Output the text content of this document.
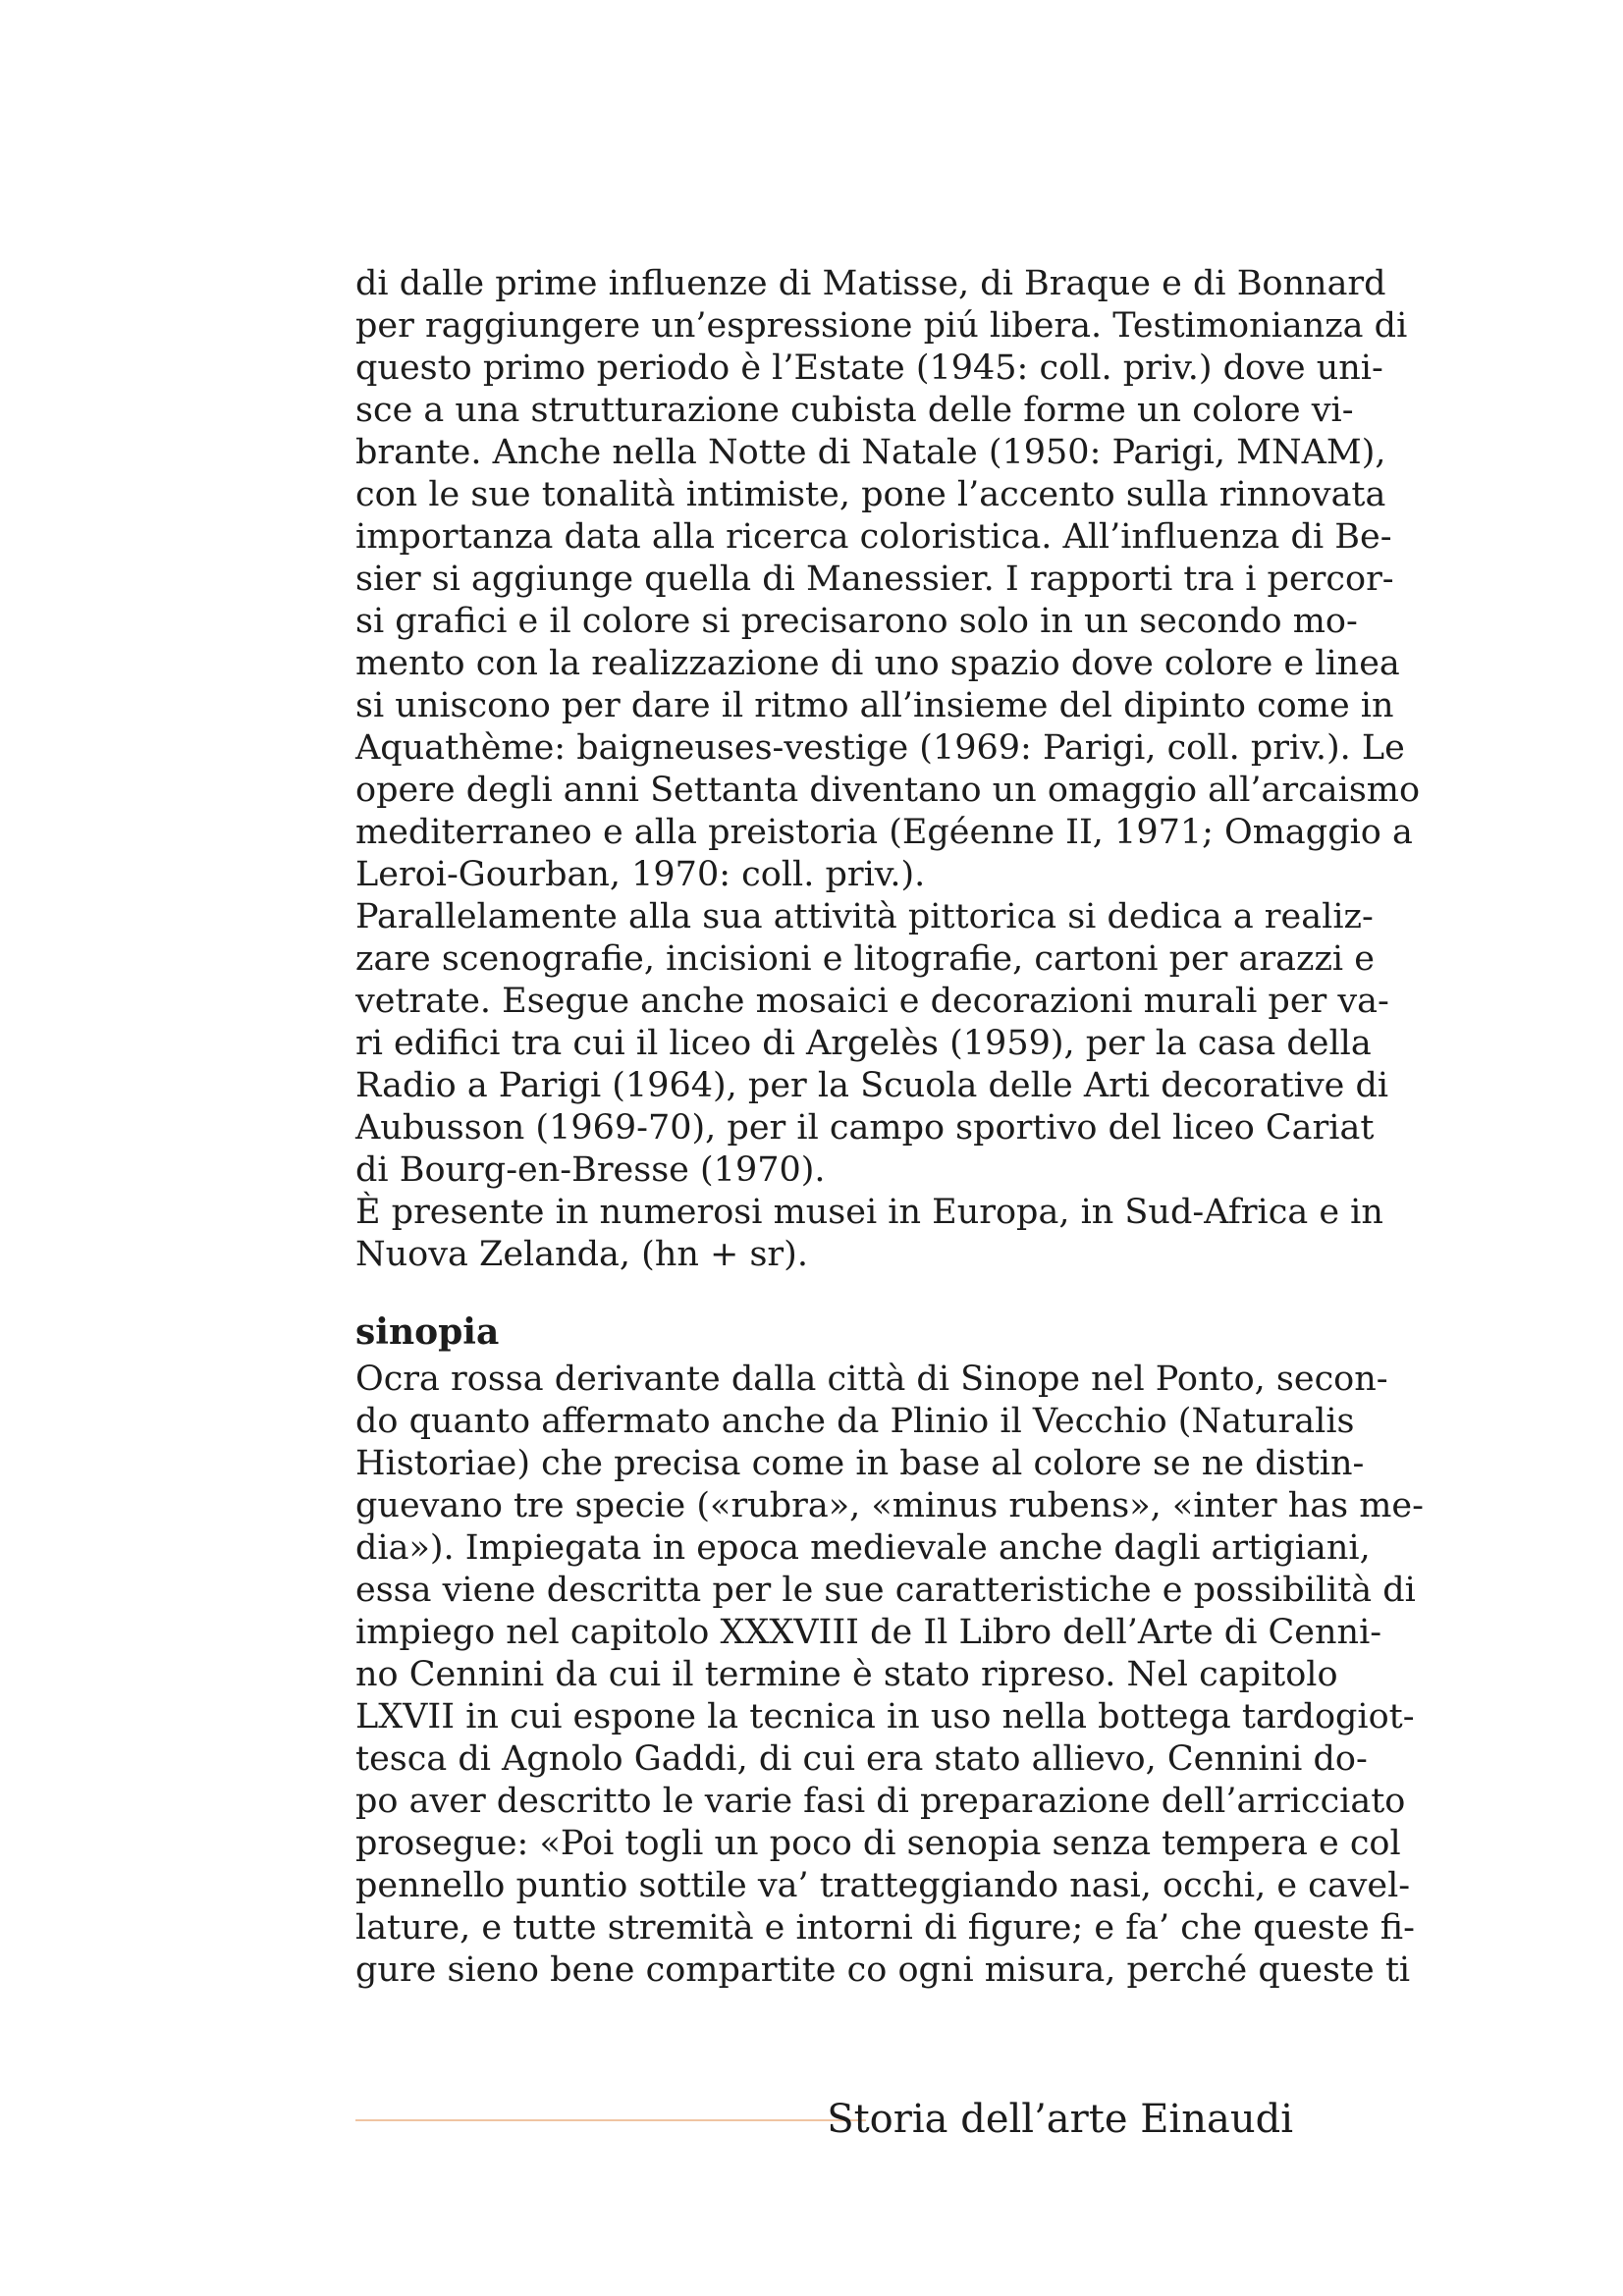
di dalle prime influenze di Matisse, di Braque e di Bonnard
per raggiungere un’espressione piú libera. Testimonianza di
questo primo periodo è l’Estate (1945: coll. priv.) dove uni-
sce a una strutturazione cubista delle forme un colore vi-
brante. Anche nella Notte di Natale (1950: Parigi, MNAM),
con le sue tonalità intimiste, pone l’accento sulla rinnovata
importanza data alla ricerca coloristica. All’influenza di Be-
sier si aggiunge quella di Manessier. I rapporti tra i percor-
si grafici e il colore si precisarono solo in un secondo mo-
mento con la realizzazione di uno spazio dove colore e linea
si uniscono per dare il ritmo all’insieme del dipinto come in
Aquathème: baigneuses-vestige (1969: Parigi, coll. priv.). Le
opere degli anni Settanta diventano un omaggio all’arcaismo
mediterraneo e alla preistoria (Egéenne II, 1971; Omaggio a
Leroi-Gourban, 1970: coll. priv.).
Parallelamente alla sua attività pittorica si dedica a realiz-
zare scenografie, incisioni e litografie, cartoni per arazzi e
vetrate. Esegue anche mosaici e decorazioni murali per va-
ri edifici tra cui il liceo di Argelès (1959), per la casa della
Radio a Parigi (1964), per la Scuola delle Arti decorative di
Aubusson (1969-70), per il campo sportivo del liceo Cariat
di Bourg-en-Bresse (1970).
È presente in numerosi musei in Europa, in Sud-Africa e in
Nuova Zelanda, (hn + sr).
sinopia
Ocra rossa derivante dalla città di Sinope nel Ponto, secon-
do quanto affermato anche da Plinio il Vecchio (Naturalis
Historiae) che precisa come in base al colore se ne distin-
guevano tre specie («rubra», «minus rubens», «inter has me-
dia»). Impiegata in epoca medievale anche dagli artigiani,
essa viene descritta per le sue caratteristiche e possibilità di
impiego nel capitolo XXXVIII de Il Libro dell’Arte di Cenni-
no Cennini da cui il termine è stato ripreso. Nel capitolo
LXVII in cui espone la tecnica in uso nella bottega tardogiot-
tesca di Agnolo Gaddi, di cui era stato allievo, Cennini do-
po aver descritto le varie fasi di preparazione dell’arricciato
prosegue: «Poi togli un poco di senopia senza tempera e col
pennello puntio sottile va’ tratteggiando nasi, occhi, e cavel-
lature, e tutte stremità e intorni di figure; e fa’ che queste fi-
gure sieno bene compartite co ogni misura, perché queste ti
Storia dell’arte Einaudi
